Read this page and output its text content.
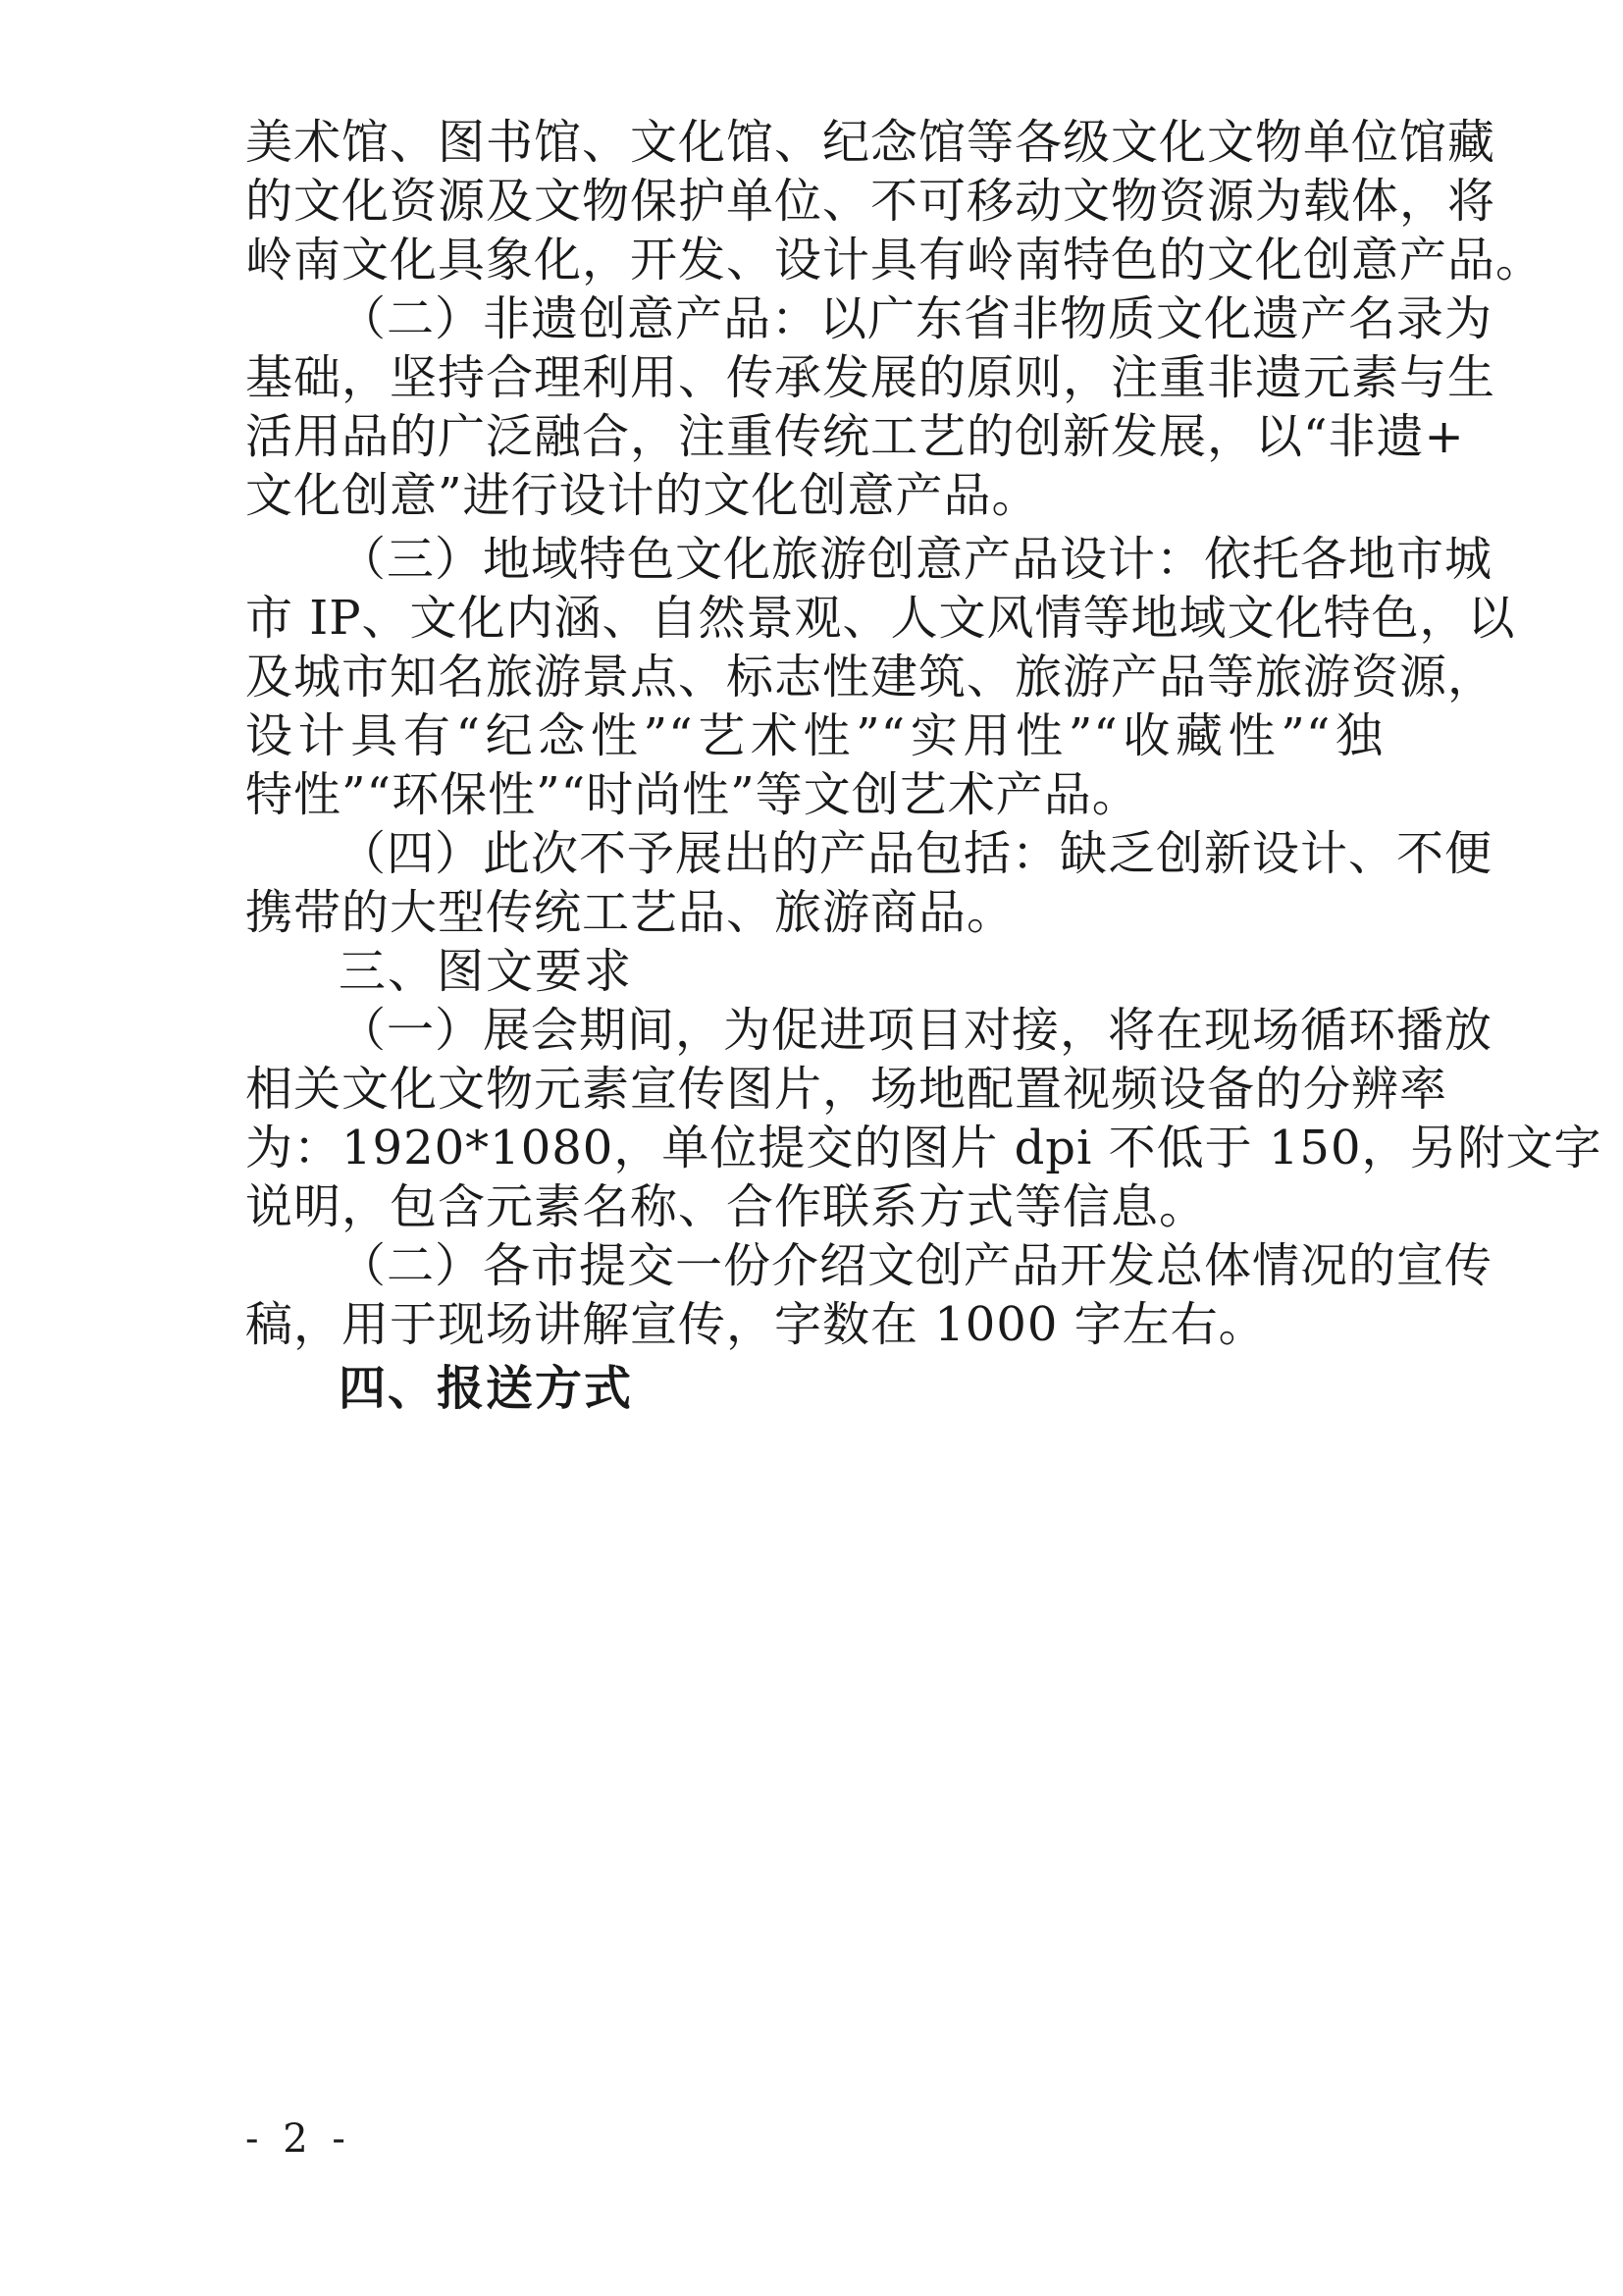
美术馆、图书馆、文化馆、纪念馆等各级文化文物单位馆藏
的文化资源及文物保护单位、不可移动文物资源为载体，将
岭南文化具象化，开发、设计具有岭南特色的文化创意产品。
（二）非遗创意产品：以广东省非物质文化遗产名录为
基础，坚持合理利用、传承发展的原则，注重非遗元素与生
活用品的广泛融合，注重传统工艺的创新发展，以“非遗+
文化创意”进行设计的文化创意产品。
（三）地域特色文化旅游创意产品设计：依托各地市城
市 IP、文化内涵、自然景观、人文风情等地域文化特色，以
及城市知名旅游景点、标志性建筑、旅游产品等旅游资源，
设计具有“纪念性”“艺术性”“实用性”“收藏性”“独
特性”“环保性”“时尚性”等文创艺术产品。
（四）此次不予展出的产品包括：缺乏创新设计、不便
携带的大型传统工艺品、旅游商品。
三、图文要求
（一）展会期间，为促进项目对接，将在现场循环播放
相关文化文物元素宣传图片，场地配置视频设备的分辨率
为：1920*1080，单位提交的图片 dpi 不低于 150，另附文字
说明，包含元素名称、合作联系方式等信息。
（二）各市提交一份介绍文创产品开发总体情况的宣传
稿，用于现场讲解宣传，字数在 1000 字左右。
四、报送方式
- 2 -
